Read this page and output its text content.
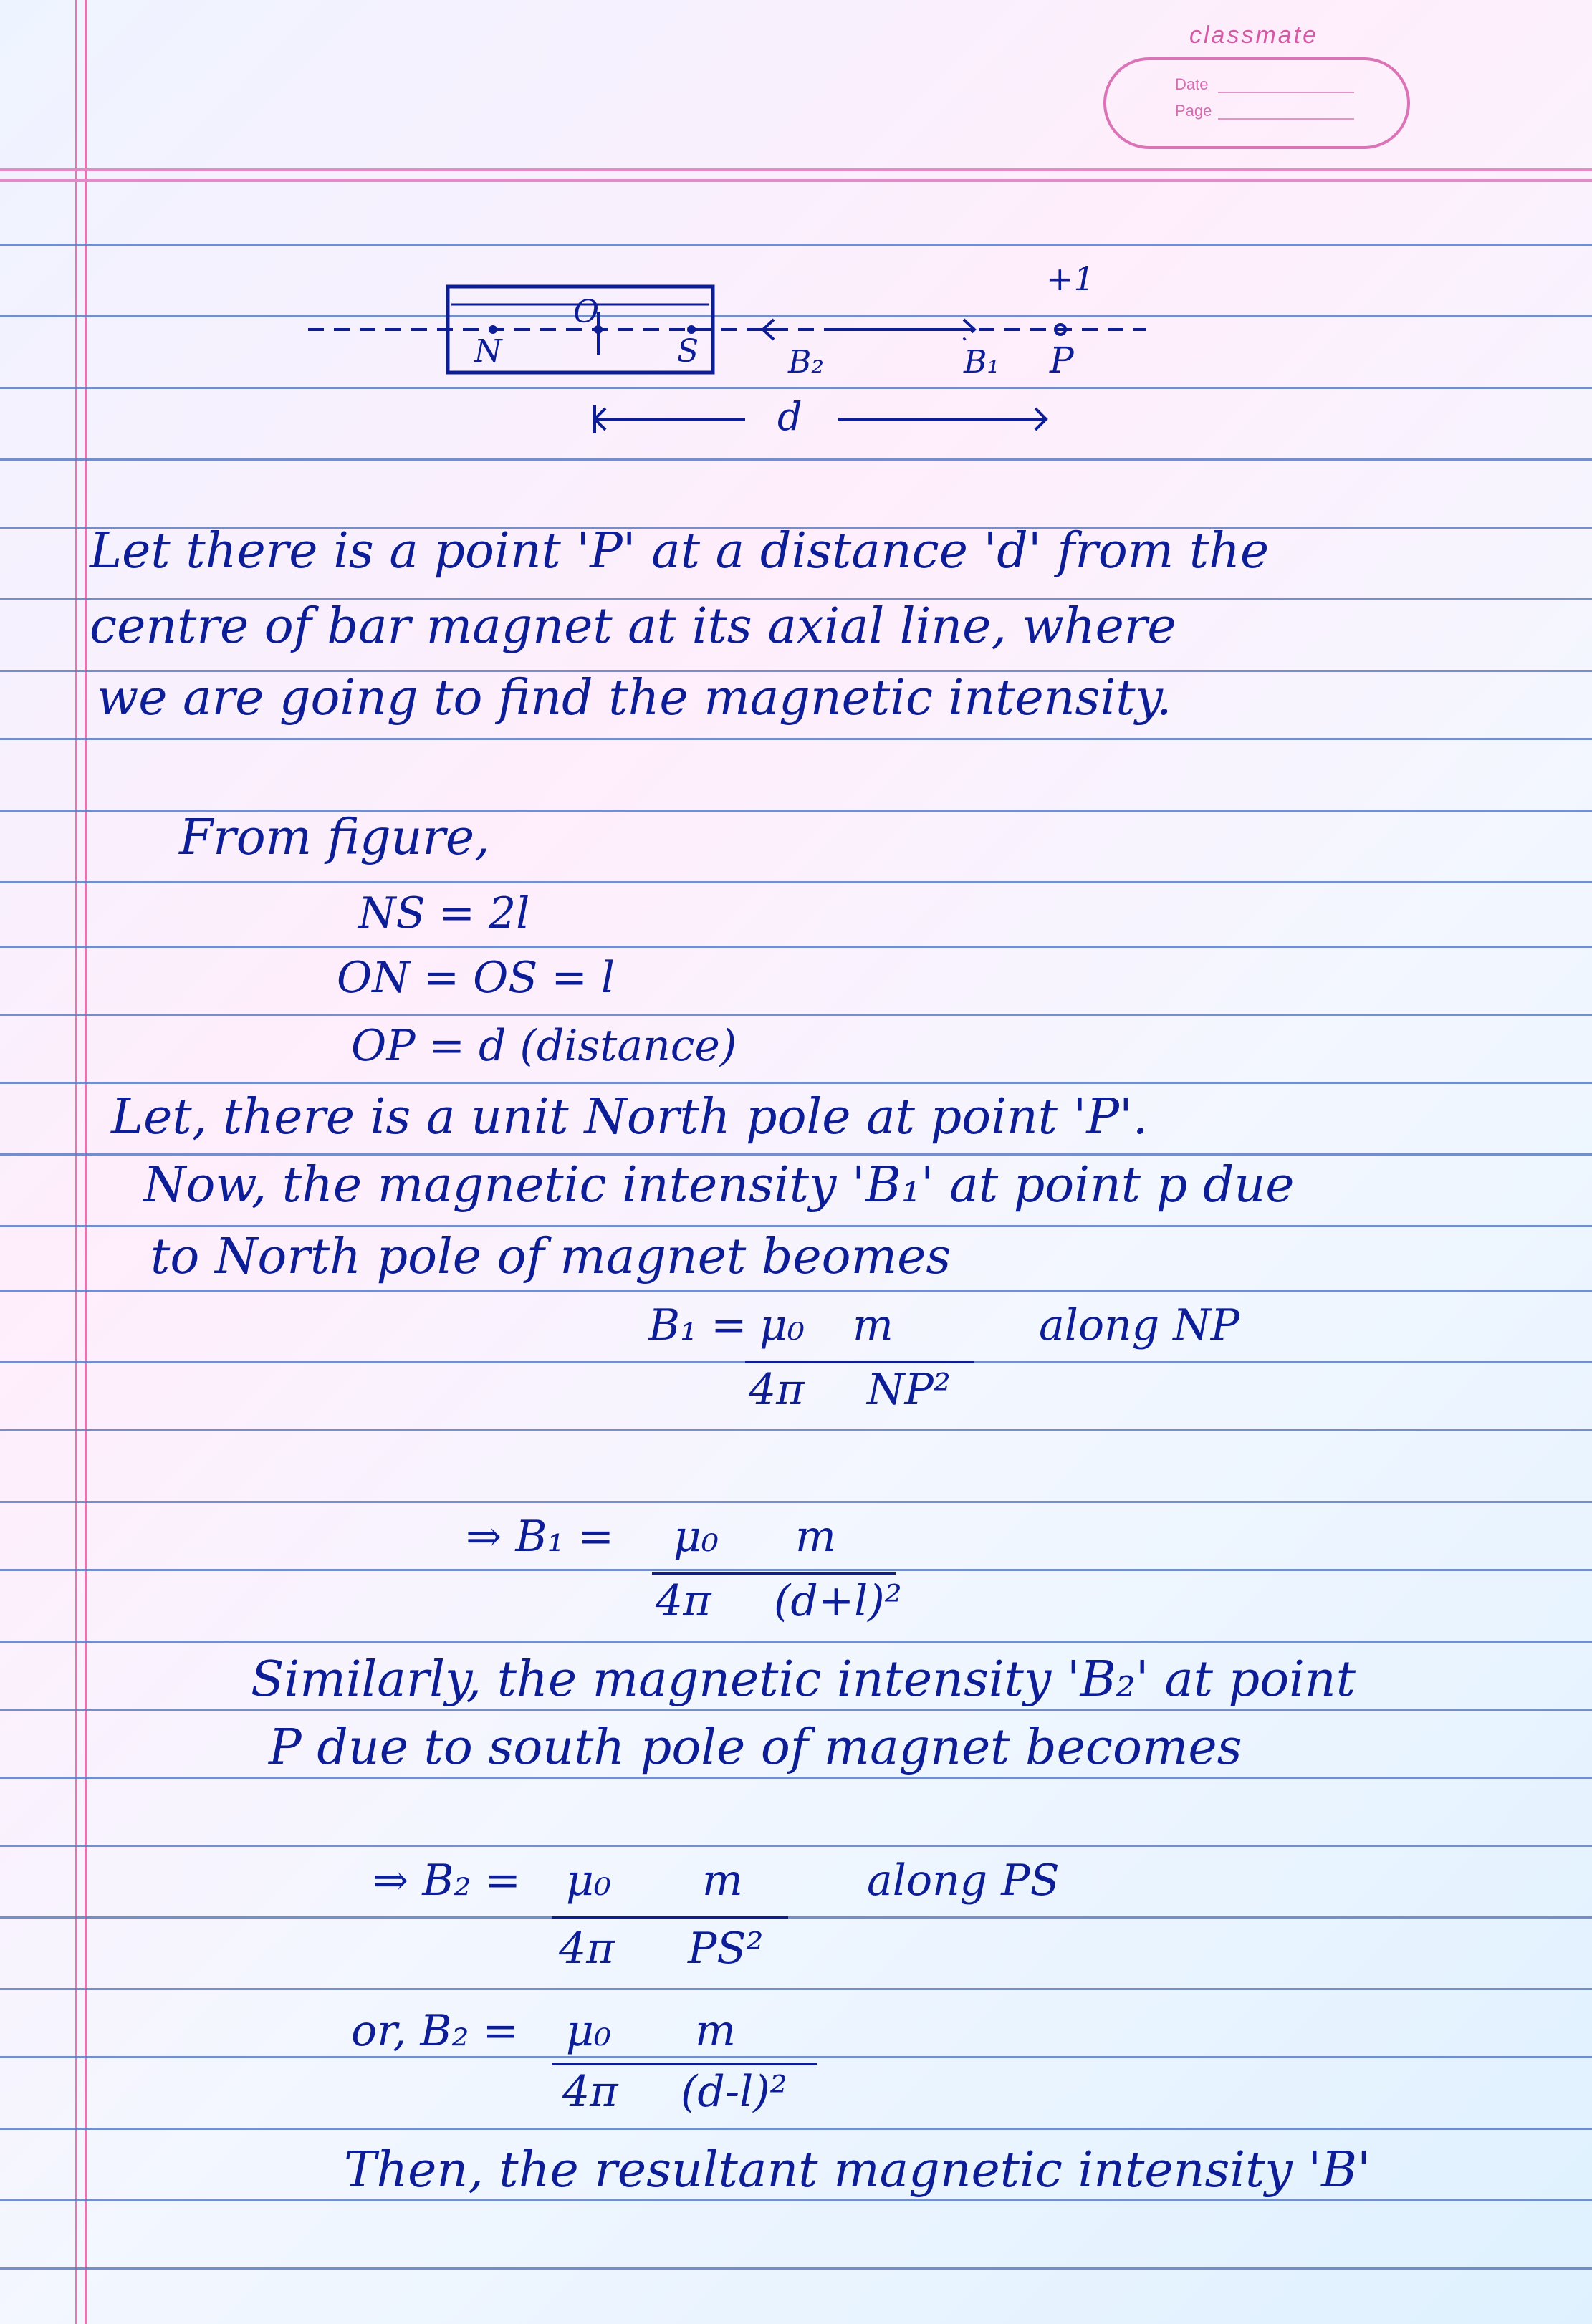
classmate
Date
Page
N
O
S	B₂	B₁ P
+1
d
Let there is a point 'P' at a distance 'd' from the
centre of bar magnet at its axial line, where
we are going to find the magnetic intensity.
From figure,
NS = 2l
ON = OS = l
OP = d (distance)
Let, there is a unit North pole at point 'P'.
Now, the magnetic intensity 'B₁' at point p due
to North pole of magnet beomes
B₁ = μ₀ m
4π NP²
along NP
⇒ B₁ = μ₀ m
4π (d+l)²
Similarly, the magnetic intensity 'B₂' at point
P due to south pole of magnet becomes
⇒ B₂ = μ₀ m
4π PS²
along PS
or, B₂ = μ₀ m
4π (d-l)²
Then, the resultant magnetic intensity 'B'
